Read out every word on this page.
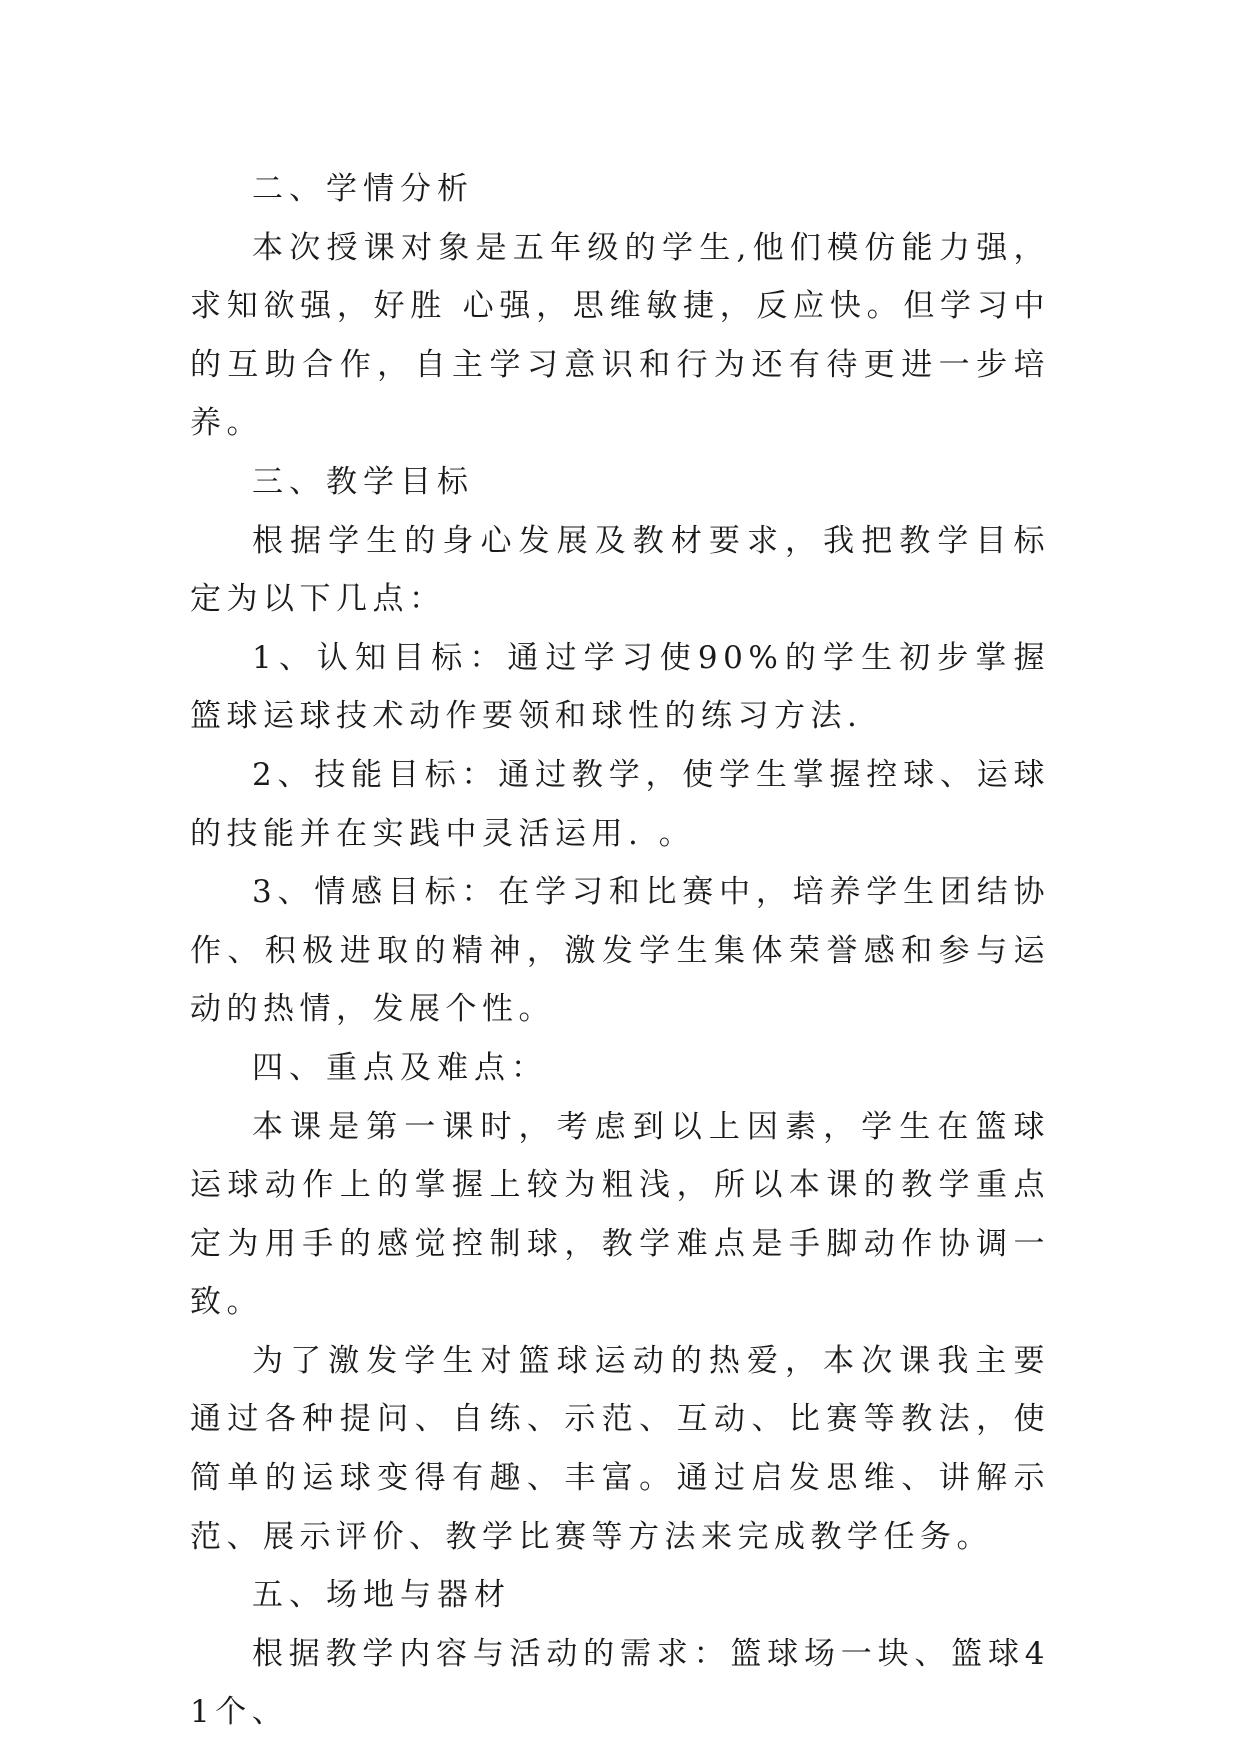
二、学情分析

本次授课对象是五年级的学生,他们模仿能力强，求知欲强，好胜 心强，思维敏捷，反应快。但学习中的互助合作，自主学习意识和行为还有待更进一步培养。

三、教学目标

根据学生的身心发展及教材要求，我把教学目标定为以下几点：

1、认知目标：通过学习使90%的学生初步掌握篮球运球技术动作要领和球性的练习方法.

2、技能目标：通过教学，使学生掌握控球、运球的技能并在实践中灵活运用. 。

3、情感目标：在学习和比赛中，培养学生团结协作、积极进取的精神，激发学生集体荣誉感和参与运动的热情，发展个性。

四、重点及难点：

本课是第一课时，考虑到以上因素，学生在篮球运球动作上的掌握上较为粗浅，所以本课的教学重点定为用手的感觉控制球，教学难点是手脚动作协调一致。

为了激发学生对篮球运动的热爱，本次课我主要通过各种提问、自练、示范、互动、比赛等教法，使简单的运球变得有趣、丰富。通过启发思维、讲解示范、展示评价、教学比赛等方法来完成教学任务。

五、场地与器材

根据教学内容与活动的需求：篮球场一块、篮球41个、
